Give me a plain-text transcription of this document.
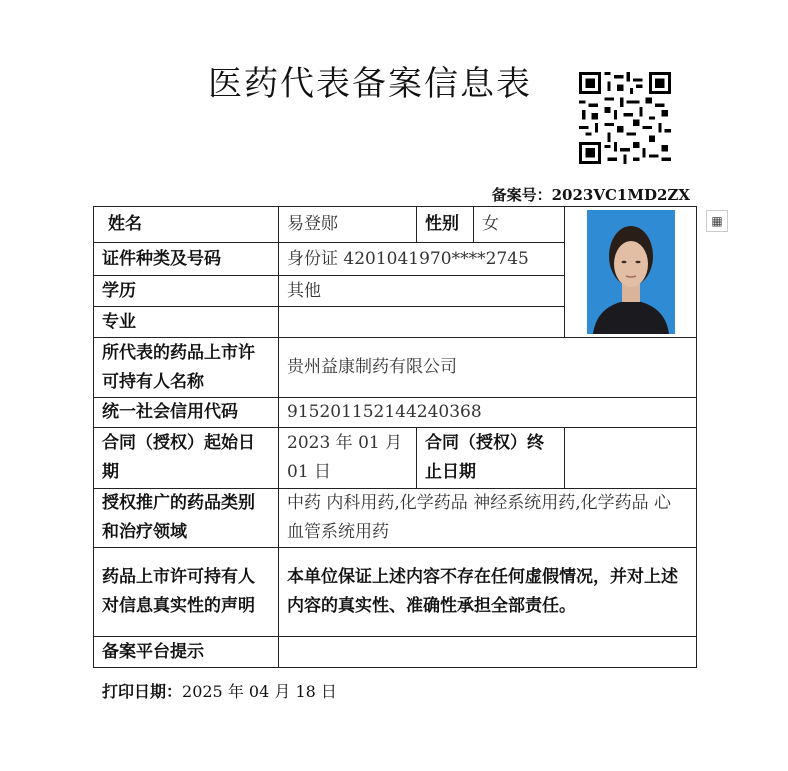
医药代表备案信息表
备案号：2023VC1MD2ZX
▦
姓名	易登郧	性别	女	

证件种类及号码	身份证 4201041970****2745			
学历	其他			
专业				
所代表的药品上市许可持有人名称	贵州益康制药有限公司			
统一社会信用代码	915201152144240368			
合同（授权）起始日期	2023 年 01 月 01 日	合同（授权）终止日期		
授权推广的药品类别和治疗领域	中药 内科用药,化学药品 神经系统用药,化学药品 心血管系统用药			
药品上市许可持有人对信息真实性的声明	本单位保证上述内容不存在任何虚假情况，并对上述内容的真实性、准确性承担全部责任。			
备案平台提示				
打印日期：2025 年 04 月 18 日
